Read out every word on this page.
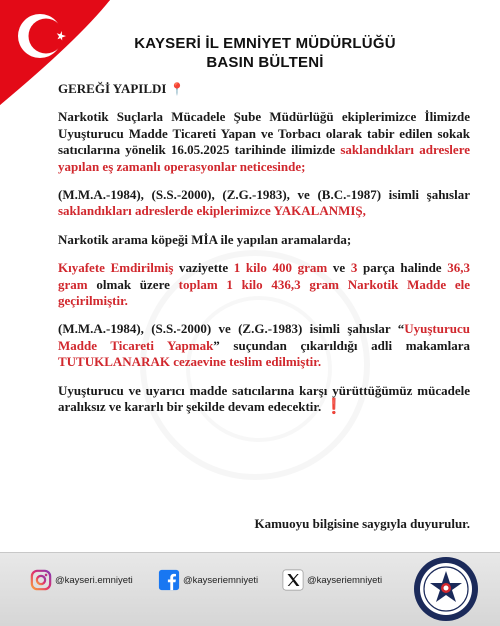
KAYSERİ İL EMNİYET MÜDÜRLÜĞÜ
BASIN BÜLTENİ

GEREĞİ YAPILDI 📍

Narkotik Suçlarla Mücadele Şube Müdürlüğü ekiplerimizce İlimizde Uyuşturucu Madde Ticareti Yapan ve Torbacı olarak tabir edilen sokak satıcılarına yönelik 16.05.2025 tarihinde ilimizde saklandıkları adreslere yapılan eş zamanlı operasyonlar neticesinde;

(M.M.A.-1984), (S.S.-2000), (Z.G.-1983), ve (B.C.-1987) isimli şahıslar saklandıkları adreslerde ekiplerimizce YAKALANMIŞ,

Narkotik arama köpeği MİA ile yapılan aramalarda;

Kıyafete Emdirilmiş vaziyette 1 kilo 400 gram ve 3 parça halinde 36,3 gram olmak üzere toplam 1 kilo 436,3 gram Narkotik Madde ele geçirilmiştir.

(M.M.A.-1984), (S.S.-2000) ve (Z.G.-1983) isimli şahıslar “Uyuşturucu Madde Ticareti Yapmak” suçundan çıkarıldığı adli makamlara TUTUKLANARAK cezaevine teslim edilmiştir.

Uyuşturucu ve uyarıcı madde satıcılarına karşı yürüttüğümüz mücadele aralıksız ve kararlı bir şekilde devam edecektir. ❗

Kamuoyu bilgisine saygıyla duyurulur.
@kayseri.emniyeti	@kayseriemniyeti	@kayseriemniyeti
